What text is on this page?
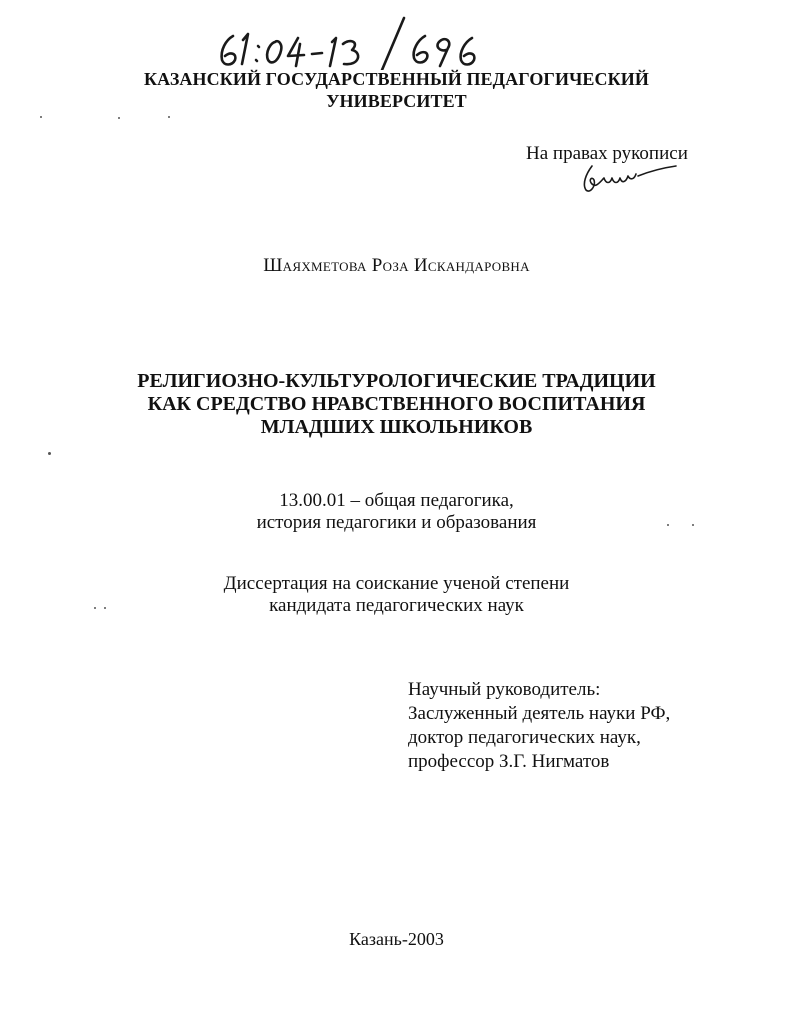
КАЗАНСКИЙ ГОСУДАРСТВЕННЫЙ ПЕДАГОГИЧЕСКИЙ
УНИВЕРСИТЕТ
На правах рукописи
Шаяхметова Роза Искандаровна
РЕЛИГИОЗНО-КУЛЬТУРОЛОГИЧЕСКИЕ ТРАДИЦИИ
КАК СРЕДСТВО НРАВСТВЕННОГО ВОСПИТАНИЯ
МЛАДШИХ ШКОЛЬНИКОВ
13.00.01 – общая педагогика,
история педагогики и образования
Диссертация на соискание ученой степени
кандидата педагогических наук
Научный руководитель:
Заслуженный деятель науки РФ,
доктор педагогических наук,
профессор З.Г. Нигматов
Казань-2003
